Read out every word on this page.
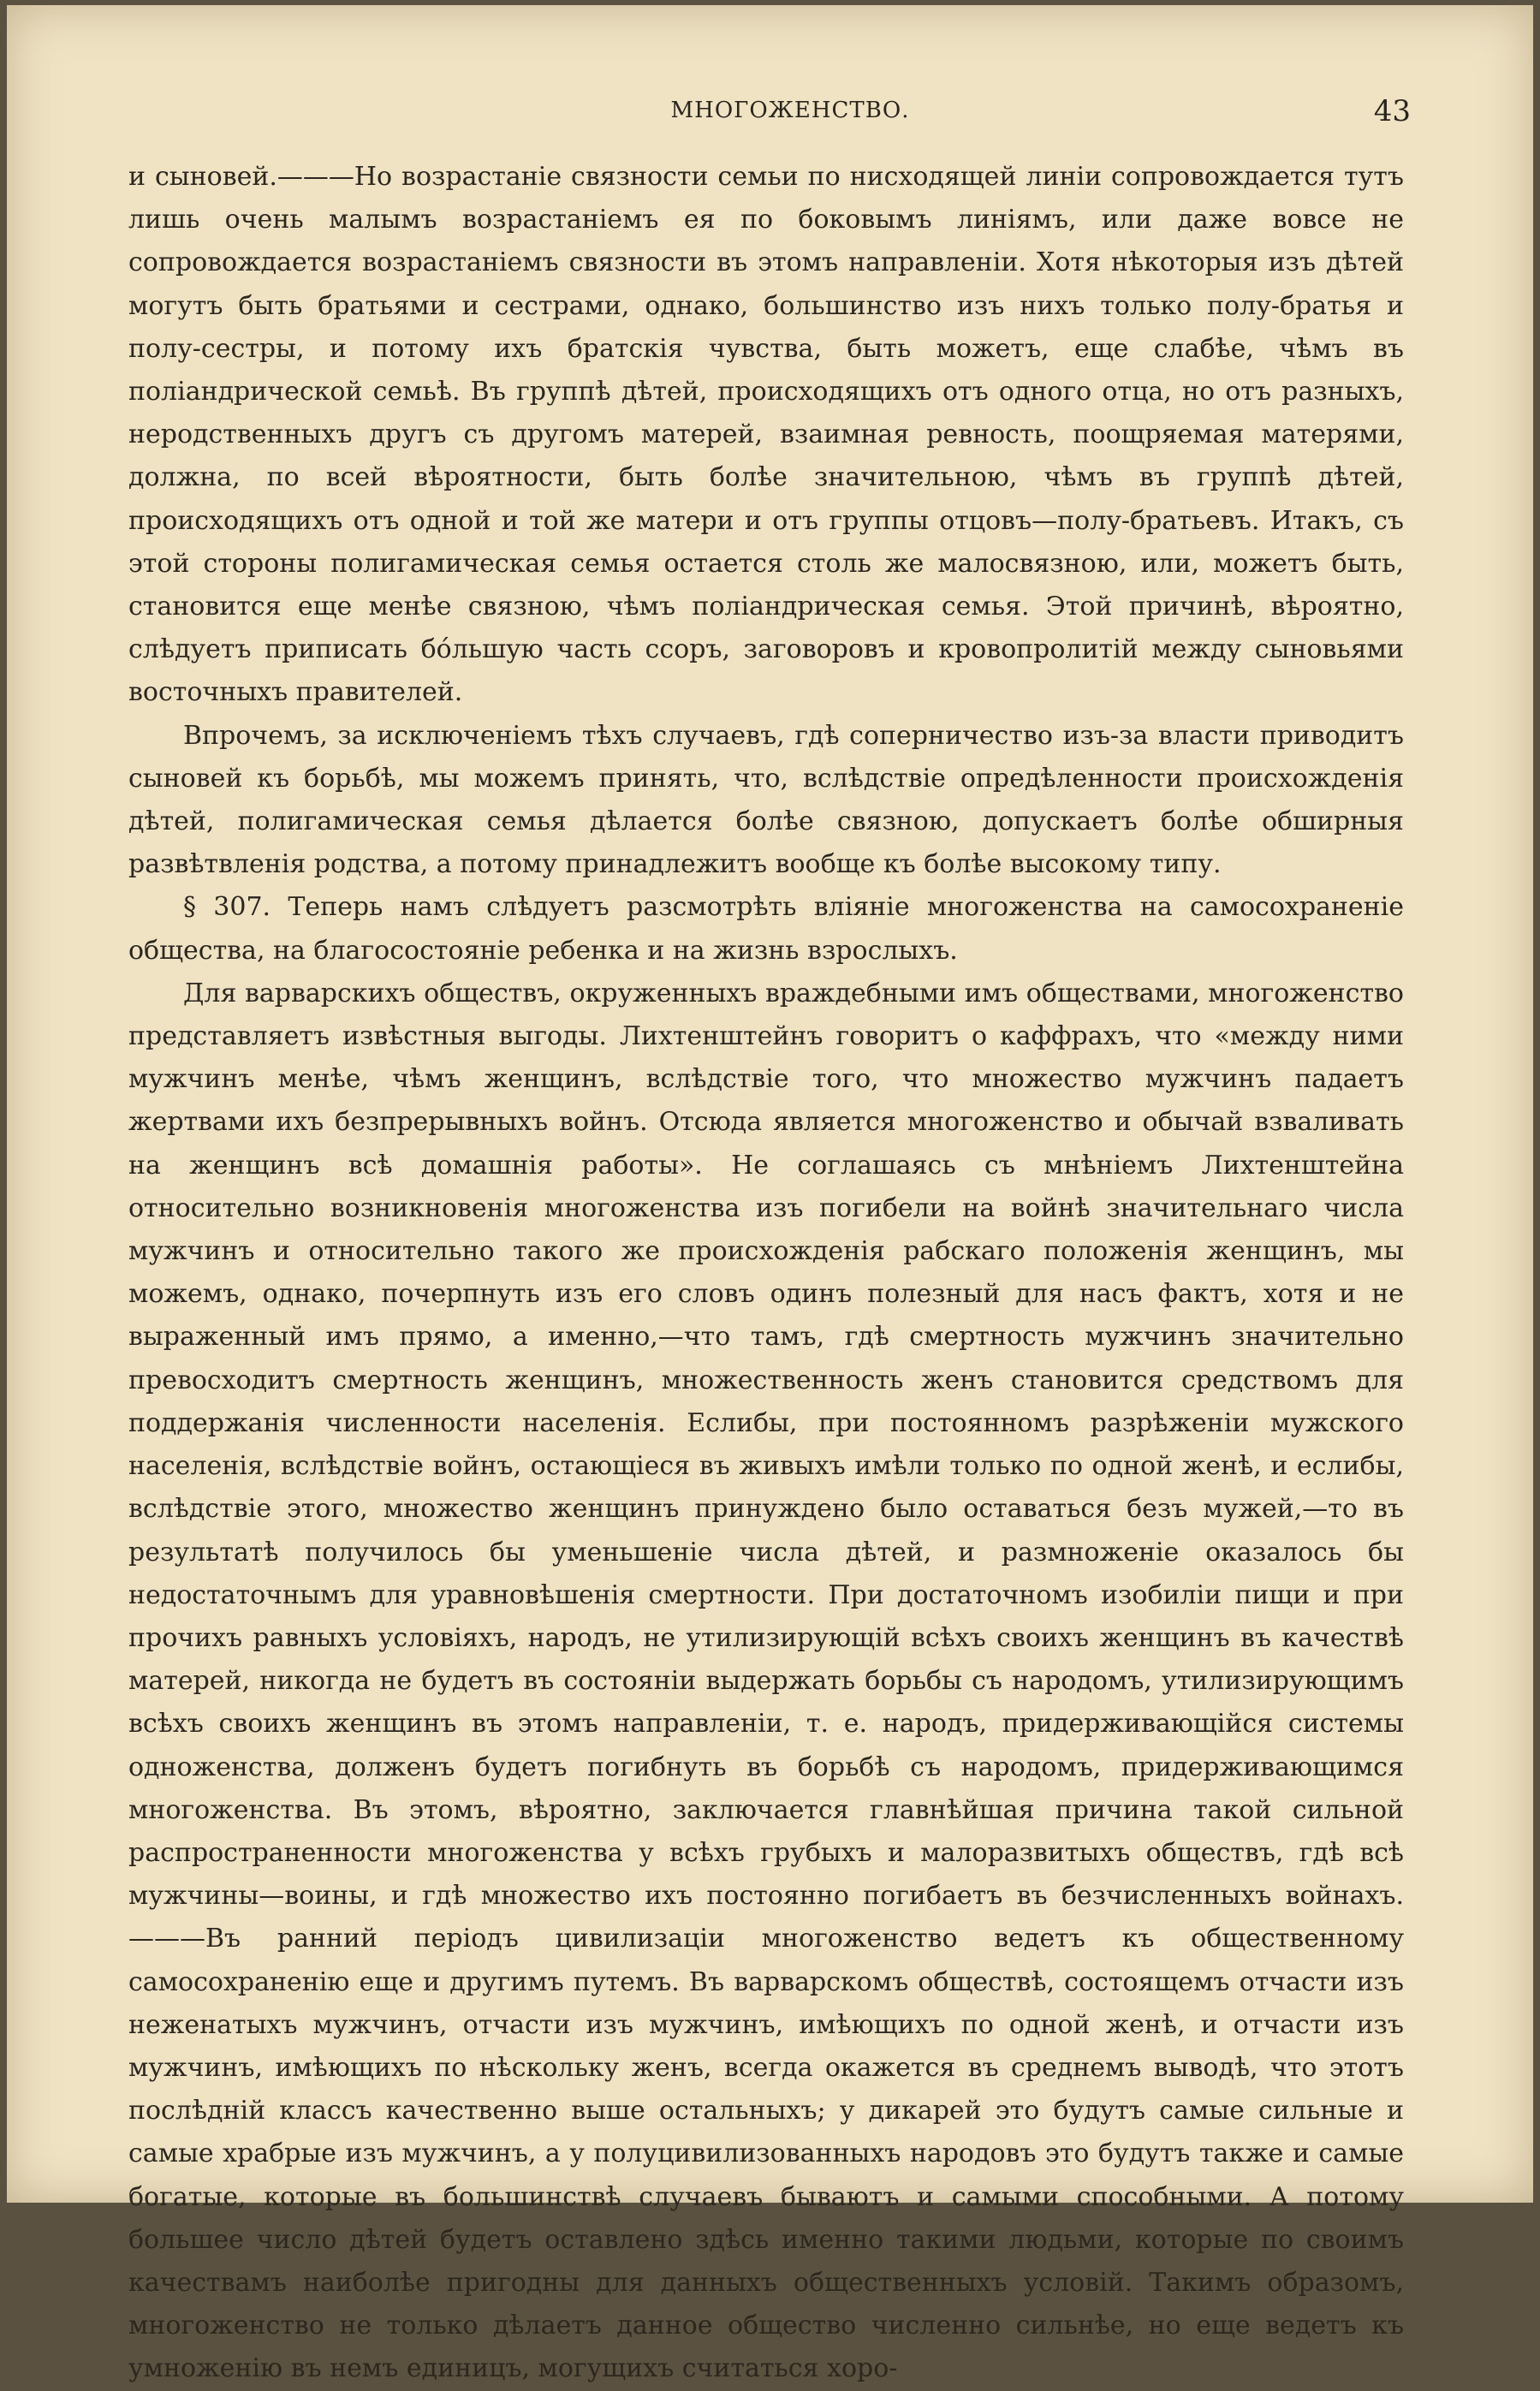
МНОГОЖЕНСТВО.	43

и сыновей.———Но возрастанiе связности семьи по нисходящей линiи сопровождается тутъ лишь очень малымъ возрастанiемъ ея по боковымъ линiямъ, или даже вовсе не сопровождается возрастанiемъ связности въ этомъ направленiи. Хотя нѣкоторыя изъ дѣтей могутъ быть братьями и сестрами, однако, большинство изъ нихъ только полу-братья и полу-сестры, и потому ихъ братскiя чувства, быть можетъ, еще слабѣе, чѣмъ въ полiандрической семьѣ. Въ группѣ дѣтей, происходящихъ отъ одного отца, но отъ разныхъ, неродственныхъ другъ съ другомъ матерей, взаимная ревность, поощряемая матерями, должна, по всей вѣроятности, быть болѣе значительною, чѣмъ въ группѣ дѣтей, происходящихъ отъ одной и той же матери и отъ группы отцовъ—полу-братьевъ. Итакъ, съ этой стороны полигамическая семья остается столь же малосвязною, или, можетъ быть, становится еще менѣе связною, чѣмъ полiандрическая семья. Этой причинѣ, вѣроятно, слѣдуетъ приписать бóльшую часть ссоръ, заговоровъ и кровопролитiй между сыновьями восточныхъ правителей.

Впрочемъ, за исключенiемъ тѣхъ случаевъ, гдѣ соперничество изъ-за власти приводитъ сыновей къ борьбѣ, мы можемъ принять, что, вслѣдствiе опредѣленности происхожденiя дѣтей, полигамическая семья дѣлается болѣе связною, допускаетъ болѣе обширныя развѣтвленiя родства, а потому принадлежитъ вообще къ болѣе высокому типу.

§ 307. Теперь намъ слѣдуетъ разсмотрѣть влiянiе многоженства на самосохраненiе общества, на благосостоянiе ребенка и на жизнь взрослыхъ.

Для варварскихъ обществъ, окруженныхъ враждебными имъ обществами, многоженство представляетъ извѣстныя выгоды. Лихтенштейнъ говоритъ о каффрахъ, что «между ними мужчинъ менѣе, чѣмъ женщинъ, вслѣдствiе того, что множество мужчинъ падаетъ жертвами ихъ безпрерывныхъ войнъ. Отсюда является многоженство и обычай взваливать на женщинъ всѣ домашнiя работы». Не соглашаясь съ мнѣнiемъ Лихтенштейна относительно возникновенiя многоженства изъ погибели на войнѣ значительнаго числа мужчинъ и относительно такого же происхожденiя рабскаго положенiя женщинъ, мы можемъ, однако, почерпнуть изъ его словъ одинъ полезный для насъ фактъ, хотя и не выраженный имъ прямо, а именно,—что тамъ, гдѣ смертность мужчинъ значительно превосходитъ смертность женщинъ, множественность женъ становится средствомъ для поддержанiя численности населенiя. Еслибы, при постоянномъ разрѣженiи мужского населенiя, вслѣдствiе войнъ, остающiеся въ живыхъ имѣли только по одной женѣ, и еслибы, вслѣдствiе этого, множество женщинъ принуждено было оставаться безъ мужей,—то въ результатѣ получилось бы уменьшенiе числа дѣтей, и размноженiе оказалось бы недостаточнымъ для уравновѣшенiя смертности. При достаточномъ изобилiи пищи и при прочихъ равныхъ условiяхъ, народъ, не утилизирующiй всѣхъ своихъ женщинъ въ качествѣ матерей, никогда не будетъ въ состоянiи выдержать борьбы съ народомъ, утилизирующимъ всѣхъ своихъ женщинъ въ этомъ направленiи, т. е. народъ, придерживающiйся системы одноженства, долженъ будетъ погибнуть въ борьбѣ съ народомъ, придерживающимся многоженства. Въ этомъ, вѣроятно, заключается главнѣйшая причина такой сильной распространенности многоженства у всѣхъ грубыхъ и малоразвитыхъ обществъ, гдѣ всѣ мужчины—воины, и гдѣ множество ихъ постоянно погибаетъ въ безчисленныхъ войнахъ.———Въ ранний перiодъ цивилизацiи многоженство ведетъ къ общественному самосохраненiю еще и другимъ путемъ. Въ варварскомъ обществѣ, состоящемъ отчасти изъ неженатыхъ мужчинъ, отчасти изъ мужчинъ, имѣющихъ по одной женѣ, и отчасти изъ мужчинъ, имѣющихъ по нѣскольку женъ, всегда окажется въ среднемъ выводѣ, что этотъ послѣднiй классъ качественно выше остальныхъ; у дикарей это будутъ самые сильные и самые храбрые изъ мужчинъ, а у полуцивилизованныхъ народовъ это будутъ также и самые богатые, которые въ большинствѣ случаевъ бываютъ и самыми способными. А потому большее число дѣтей будетъ оставлено здѣсь именно такими людьми, которые по своимъ качествамъ наиболѣе пригодны для данныхъ общественныхъ условiй. Такимъ образомъ, многоженство не только дѣлаетъ данное общество численно сильнѣе, но еще ведетъ къ умноженiю въ немъ единицъ, могущихъ считаться хоро-
